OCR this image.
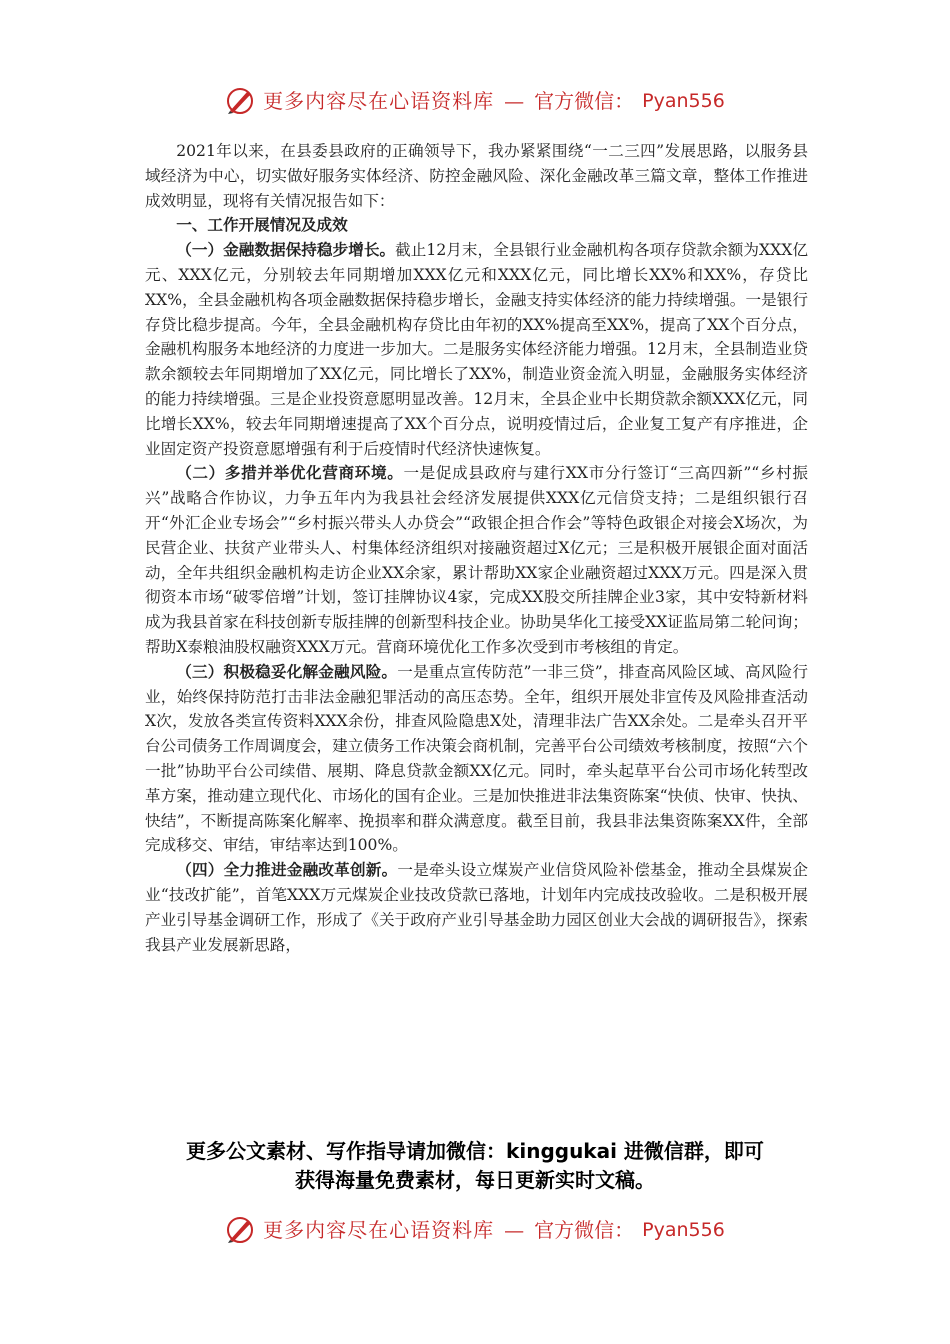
更多内容尽在心语资料库 — 官方微信： Pyan556

2021年以来，在县委县政府的正确领导下，我办紧紧围绕“一二三四”发展思路，以服务县域经济为中心，切实做好服务实体经济、防控金融风险、深化金融改革三篇文章，整体工作推进成效明显，现将有关情况报告如下：

一、工作开展情况及成效

（一）金融数据保持稳步增长。截止12月末，全县银行业金融机构各项存贷款余额为XXX亿元、XXX亿元，分别较去年同期增加XXX亿元和XXX亿元，同比增长XX%和XX%，存贷比XX%，全县金融机构各项金融数据保持稳步增长，金融支持实体经济的能力持续增强。一是银行存贷比稳步提高。今年，全县金融机构存贷比由年初的XX%提高至XX%，提高了XX个百分点，金融机构服务本地经济的力度进一步加大。二是服务实体经济能力增强。12月末，全县制造业贷款余额较去年同期增加了XX亿元，同比增长了XX%，制造业资金流入明显，金融服务实体经济的能力持续增强。三是企业投资意愿明显改善。12月末，全县企业中长期贷款余额XXX亿元，同比增长XX%，较去年同期增速提高了XX个百分点，说明疫情过后，企业复工复产有序推进，企业固定资产投资意愿增强有利于后疫情时代经济快速恢复。

（二）多措并举优化营商环境。一是促成县政府与建行XX市分行签订“三高四新”“乡村振兴”战略合作协议，力争五年内为我县社会经济发展提供XXX亿元信贷支持；二是组织银行召开“外汇企业专场会”“乡村振兴带头人办贷会”“政银企担合作会”等特色政银企对接会X场次，为民营企业、扶贫产业带头人、村集体经济组织对接融资超过X亿元；三是积极开展银企面对面活动，全年共组织金融机构走访企业XX余家，累计帮助XX家企业融资超过XXX万元。四是深入贯彻资本市场“破零倍增”计划，签订挂牌协议4家，完成XX股交所挂牌企业3家，其中安特新材料成为我县首家在科技创新专版挂牌的创新型科技企业。协助昊华化工接受XX证监局第二轮问询；帮助X泰粮油股权融资XXX万元。营商环境优化工作多次受到市考核组的肯定。

（三）积极稳妥化解金融风险。一是重点宣传防范”一非三贷”，排查高风险区域、高风险行业，始终保持防范打击非法金融犯罪活动的高压态势。全年，组织开展处非宣传及风险排查活动X次，发放各类宣传资料XXX余份，排查风险隐患X处，清理非法广告XX余处。二是牵头召开平台公司债务工作周调度会，建立债务工作决策会商机制，完善平台公司绩效考核制度，按照“六个一批”协助平台公司续借、展期、降息贷款金额XX亿元。同时，牵头起草平台公司市场化转型改革方案，推动建立现代化、市场化的国有企业。三是加快推进非法集资陈案“快侦、快审、快执、快结”，不断提高陈案化解率、挽损率和群众满意度。截至目前，我县非法集资陈案XX件，全部完成移交、审结，审结率达到100%。

（四）全力推进金融改革创新。一是牵头设立煤炭产业信贷风险补偿基金，推动全县煤炭企业“技改扩能”，首笔XXX万元煤炭企业技改贷款已落地，计划年内完成技改验收。二是积极开展产业引导基金调研工作，形成了《关于政府产业引导基金助力园区创业大会战的调研报告》，探索我县产业发展新思路，

更多公文素材、写作指导请加微信：kinggukai 进微信群，即可
获得海量免费素材，每日更新实时文稿。
更多内容尽在心语资料库 — 官方微信： Pyan556
